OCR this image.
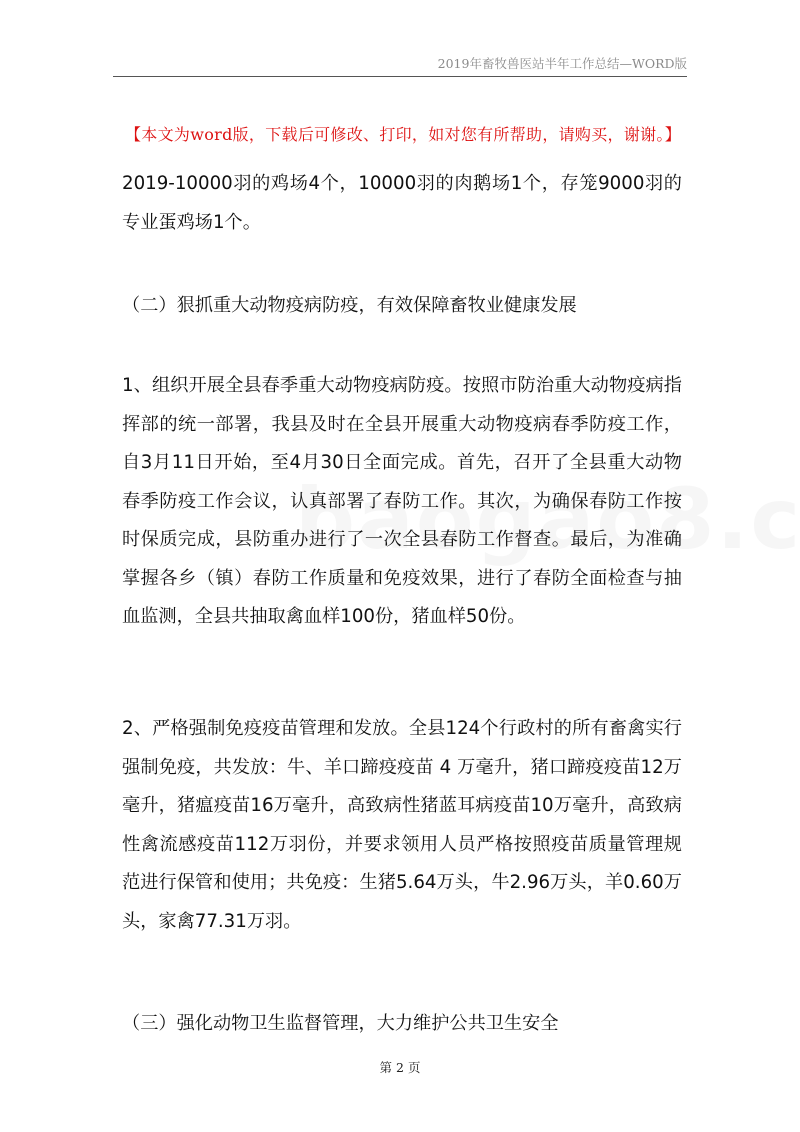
2019年畜牧兽医站半年工作总结—WORD版
【本文为word版，下载后可修改、打印，如对您有所帮助，请购买，谢谢。】

2019-10000羽的鸡场4个，10000羽的肉鹅场1个，存笼9000羽的专业蛋鸡场1个。

（二）狠抓重大动物疫病防疫，有效保障畜牧业健康发展

1、组织开展全县春季重大动物疫病防疫。按照市防治重大动物疫病指挥部的统一部署，我县及时在全县开展重大动物疫病春季防疫工作，自3月11日开始，至4月30日全面完成。首先，召开了全县重大动物春季防疫工作会议，认真部署了春防工作。其次，为确保春防工作按时保质完成，县防重办进行了一次全县春防工作督查。最后，为准确掌握各乡（镇）春防工作质量和免疫效果，进行了春防全面检查与抽血监测，全县共抽取禽血样100份，猪血样50份。

2、严格强制免疫疫苗管理和发放。全县124个行政村的所有畜禽实行强制免疫，共发放：牛、羊口蹄疫疫苗 4 万毫升，猪口蹄疫疫苗12万毫升，猪瘟疫苗16万毫升，高致病性猪蓝耳病疫苗10万毫升，高致病性禽流感疫苗112万羽份，并要求领用人员严格按照疫苗质量管理规范进行保管和使用；共免疫：生猪5.64万头，牛2.96万头，羊0.60万头，家禽77.31万羽。

（三）强化动物卫生监督管理，大力维护公共卫生安全
第 2 页
